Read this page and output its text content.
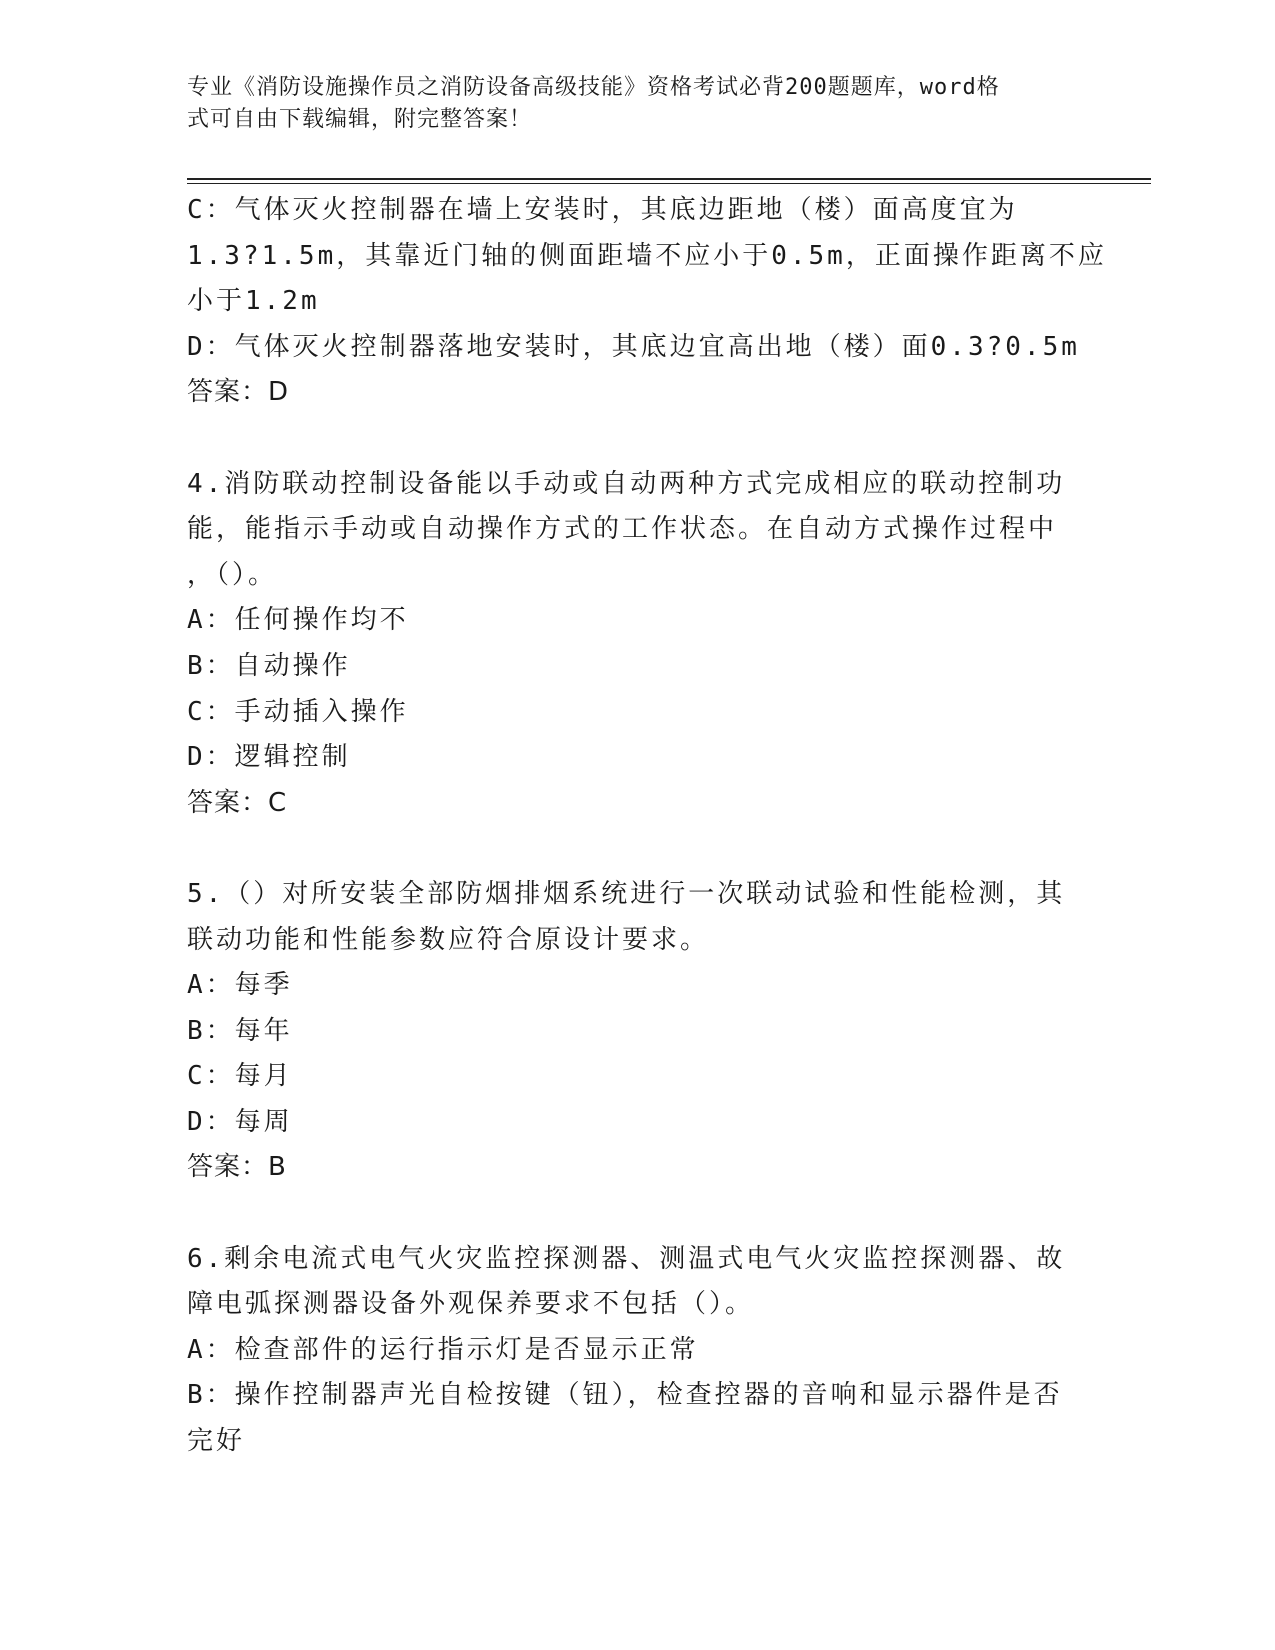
专业《消防设施操作员之消防设备高级技能》资格考试必背200题题库，word格
式可自由下载编辑，附完整答案！
C：气体灭火控制器在墙上安装时，其底边距地（楼）面高度宜为
1.3?1.5m，其靠近门轴的侧面距墙不应小于0.5m，正面操作距离不应
小于1.2m
D：气体灭火控制器落地安装时，其底边宜高出地（楼）面0.3?0.5m
答案：D
4.消防联动控制设备能以手动或自动两种方式完成相应的联动控制功
能，能指示手动或自动操作方式的工作状态。在自动方式操作过程中
，（）。
A：任何操作均不
B：自动操作
C：手动插入操作
D：逻辑控制
答案：C
5.（）对所安装全部防烟排烟系统进行一次联动试验和性能检测，其
联动功能和性能参数应符合原设计要求。
A：每季
B：每年
C：每月
D：每周
答案：B
6.剩余电流式电气火灾监控探测器、测温式电气火灾监控探测器、故
障电弧探测器设备外观保养要求不包括（）。
A：检查部件的运行指示灯是否显示正常
B：操作控制器声光自检按键（钮），检查控器的音响和显示器件是否
完好
